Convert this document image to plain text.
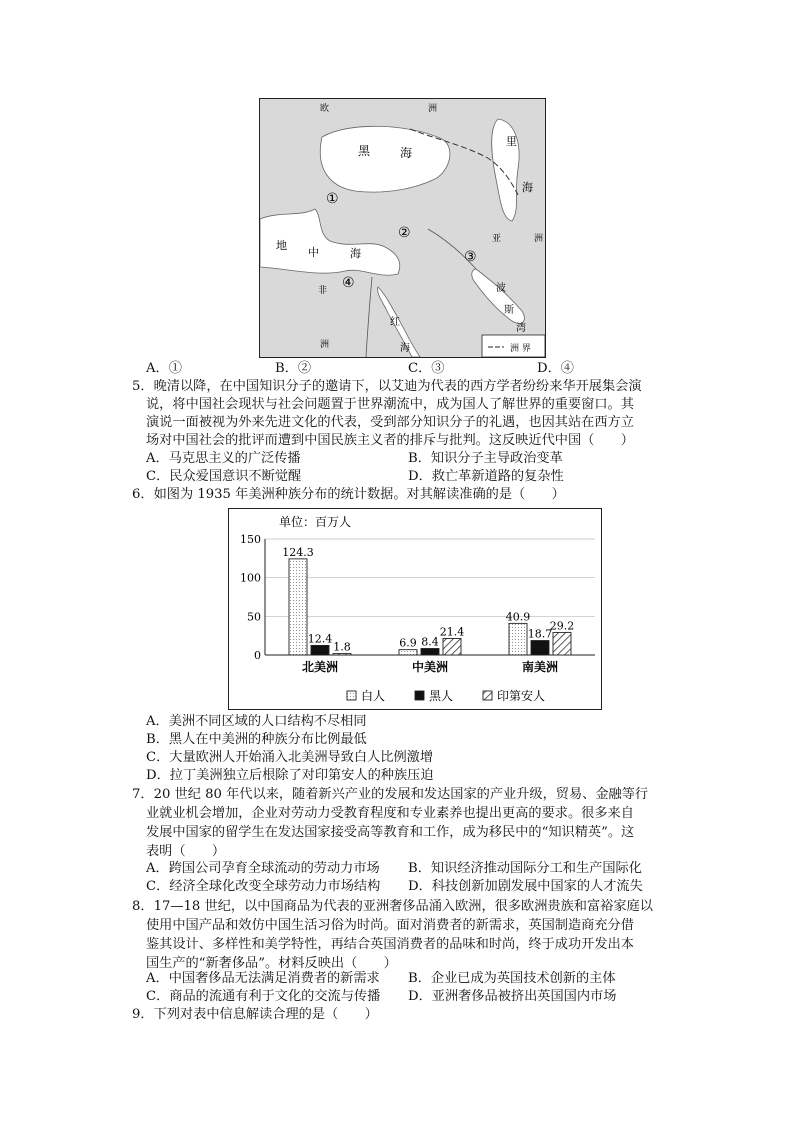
欧	洲
黑 海
里
海
亚	洲
地
中	海
非
洲
红
海
波
斯
湾
①
②
③
④
洲 界
A．①	B．②	C．③	D．④
5．晚清以降，在中国知识分子的邀请下，以艾迪为代表的西方学者纷纷来华开展集会演
说，将中国社会现状与社会问题置于世界潮流中，成为国人了解世界的重要窗口。其
演说一面被视为外来先进文化的代表，受到部分知识分子的礼遇，也因其站在西方立
场对中国社会的批评而遭到中国民族主义者的排斥与批判。这反映近代中国（　　）
A．马克思主义的广泛传播	B．知识分子主导政治变革
C．民众爱国意识不断觉醒	D．救亡革新道路的复杂性
6．如图为 1935 年美洲种族分布的统计数据。对其解读准确的是（　　）
单位：百万人
150
100
50
0
北美洲	中美洲	南美洲
124.3
12.4
1.8	6.9 8.4
21.4
40.9
18.7
29.2
白人	黑人	印第安人
A．美洲不同区域的人口结构不尽相同
B．黑人在中美洲的种族分布比例最低
C．大量欧洲人开始涌入北美洲导致白人比例激增
D．拉丁美洲独立后根除了对印第安人的种族压迫
7．20 世纪 80 年代以来，随着新兴产业的发展和发达国家的产业升级，贸易、金融等行
业就业机会增加，企业对劳动力受教育程度和专业素养也提出更高的要求。很多来自
发展中国家的留学生在发达国家接受高等教育和工作，成为移民中的“知识精英”。这
表明（　　）
A．跨国公司孕育全球流动的劳动力市场 B．知识经济推动国际分工和生产国际化
C．经济全球化改变全球劳动力市场结构 D．科技创新加剧发展中国家的人才流失
8．17—18 世纪，以中国商品为代表的亚洲奢侈品涌入欧洲，很多欧洲贵族和富裕家庭以
使用中国产品和效仿中国生活习俗为时尚。面对消费者的新需求，英国制造商充分借
鉴其设计、多样性和美学特性，再结合英国消费者的品味和时尚，终于成功开发出本
国生产的“新奢侈品”。材料反映出（　　）
A．中国奢侈品无法满足消费者的新需求 B．企业已成为英国技术创新的主体
C．商品的流通有利于文化的交流与传播 D．亚洲奢侈品被挤出英国国内市场
9．下列对表中信息解读合理的是（　　）
